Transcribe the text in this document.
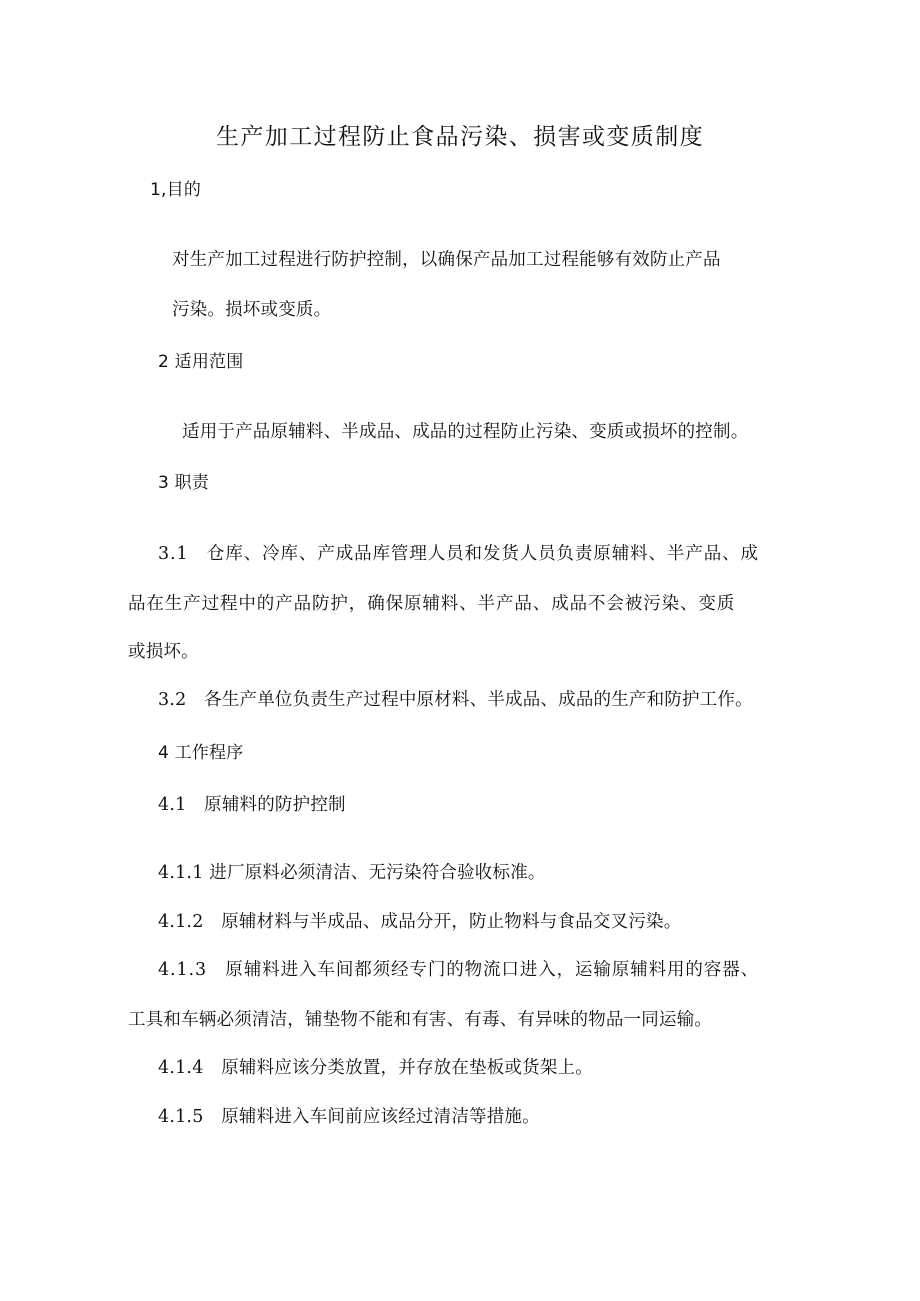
生产加工过程防止食品污染、损害或变质制度

1,目的

对生产加工过程进行防护控制，以确保产品加工过程能够有效防止产品

污染。损坏或变质。

2 适用范围

适用于产品原辅料、半成品、成品的过程防止污染、变质或损坏的控制。

3 职责

3.1　仓库、冷库、产成品库管理人员和发货人员负责原辅料、半产品、成

品在生产过程中的产品防护，确保原辅料、半产品、成品不会被污染、变质

或损坏。

3.2　各生产单位负责生产过程中原材料、半成品、成品的生产和防护工作。

4 工作程序

4.1　原辅料的防护控制

4.1.1 进厂原料必须清洁、无污染符合验收标准。

4.1.2　原辅材料与半成品、成品分开，防止物料与食品交叉污染。

4.1.3　原辅料进入车间都须经专门的物流口进入，运输原辅料用的容器、

工具和车辆必须清洁，铺垫物不能和有害、有毒、有异味的物品一同运输。

4.1.4　原辅料应该分类放置，并存放在垫板或货架上。

4.1.5　原辅料进入车间前应该经过清洁等措施。
